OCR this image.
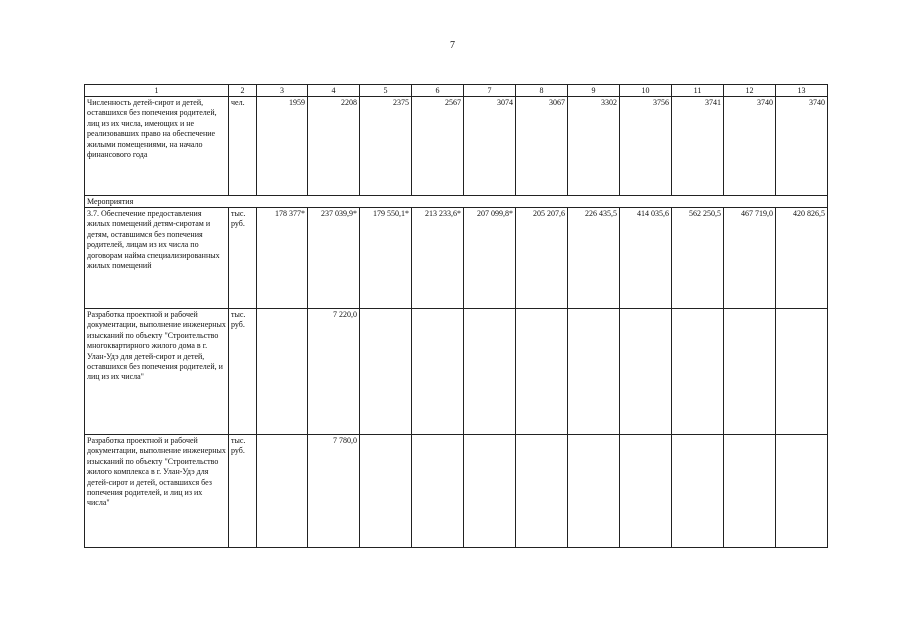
7
1	2	3	4	5	6	7	8	9	10	11	12	13
Численность детей-сирот и детей, оставшихся без попечения родителей, лиц из их числа, имеющих и не реализовавших право на обеспечение жилыми помещениями, на начало финансового года	чел.	1959	2208	2375	2567	3074	3067	3302	3756	3741	3740	3740
Мероприятия												
3.7. Обеспечение предоставления жилых помещений детям-сиротам и детям, оставшимся без попечения родителей, лицам из их числа по договорам найма специализированных жилых помещений	тыс. руб.	178 377*	237 039,9*	179 550,1*	213 233,6*	207 099,8*	205 207,6	226 435,5	414 035,6	562 250,5	467 719,0	420 826,5
Разработка проектной и рабочей документации, выполнение инженерных изысканий по объекту "Строительство многоквартирного жилого дома в г. Улан-Удэ для детей-сирот и детей, оставшихся без попечения родителей, и лиц из их числа"	тыс. руб.		7 220,0									
Разработка проектной и рабочей документации, выполнение инженерных изысканий по объекту "Строительство жилого комплекса в г. Улан-Удэ для детей-сирот и детей, оставшихся без попечения родителей, и лиц из их числа"	тыс. руб.		7 780,0									
